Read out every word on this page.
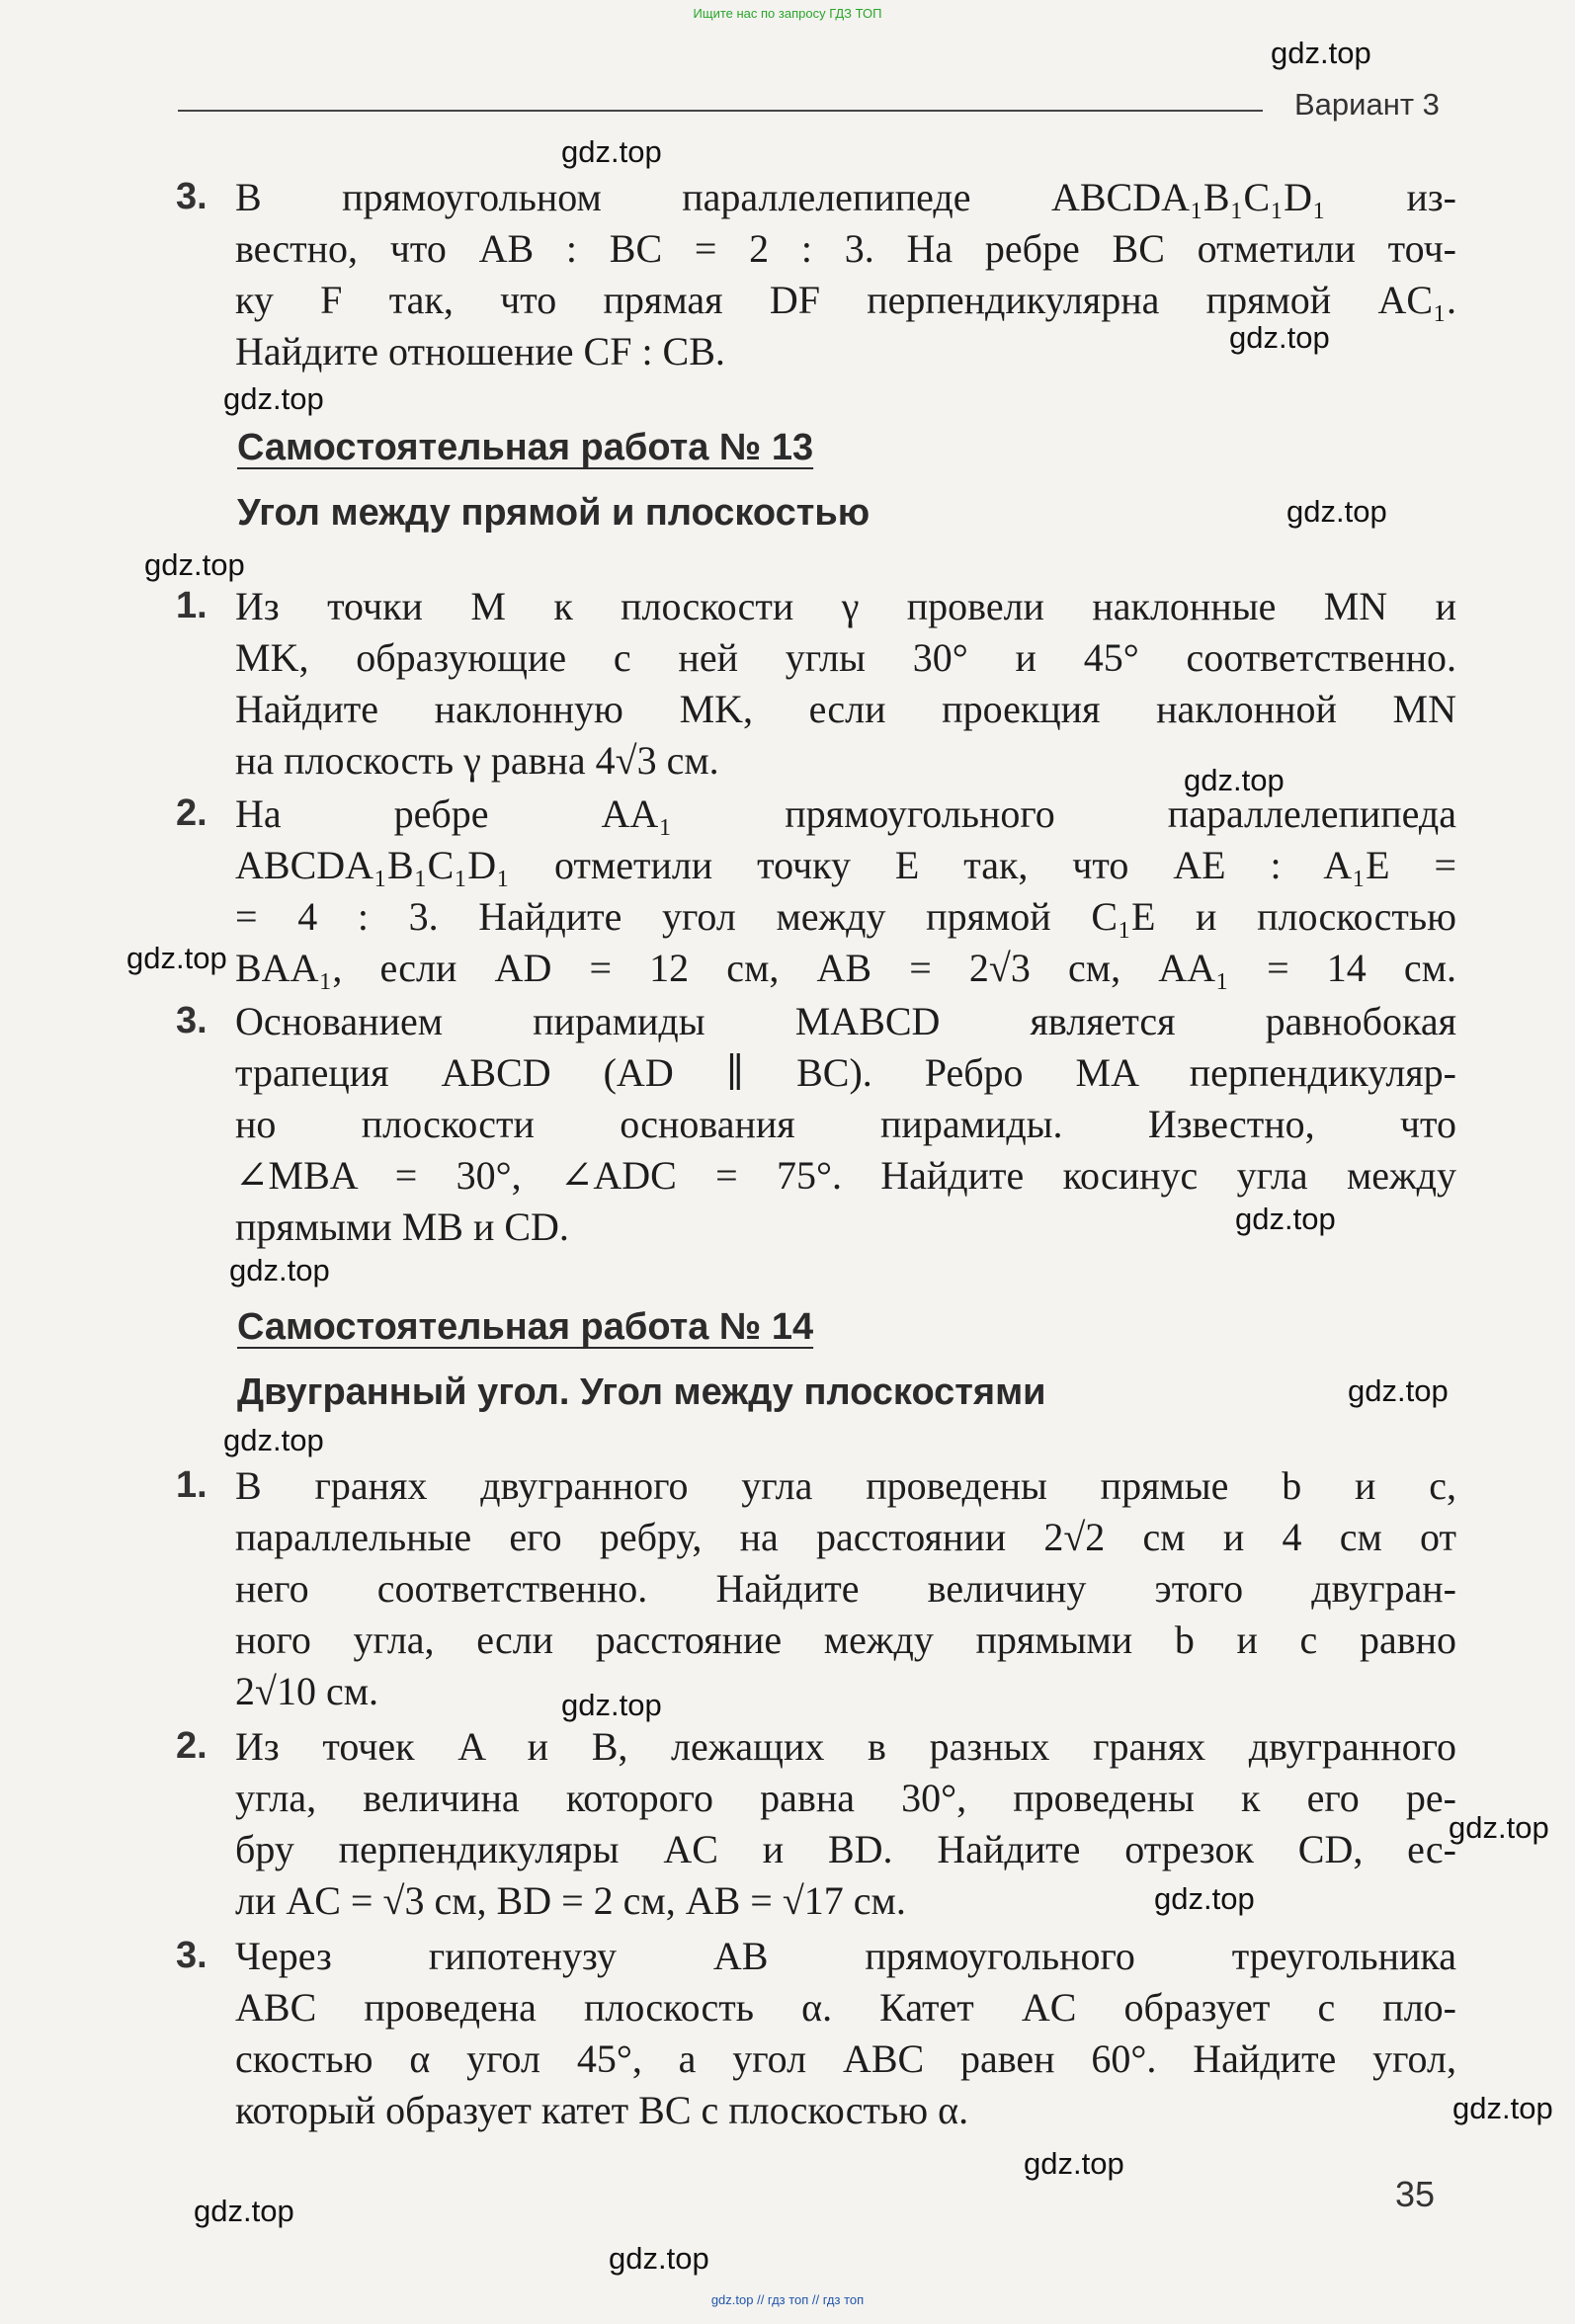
Ищите нас по запросу ГДЗ ТОП
gdz.top // гдз топ // гдз топ
Вариант 3
3. В прямоугольном параллелепипеде ABCDA₁B₁C₁D₁ из-
вестно, что AB : BC = 2 : 3. На ребре BC отметили точ-
ку F так, что прямая DF перпендикулярна прямой AC₁.
Найдите отношение CF : CB.
Самостоятельная работа № 13
Угол между прямой и плоскостью
1. Из точки M к плоскости γ провели наклонные MN и
MK, образующие с ней углы 30° и 45° соответственно.
Найдите наклонную MK, если проекция наклонной MN
на плоскость γ равна 4√3 см.
2. На ребре AA₁ прямоугольного параллелепипеда
ABCDA₁B₁C₁D₁ отметили точку E так, что AE : A₁E =
= 4 : 3. Найдите угол между прямой C₁E и плоскостью
BAA₁, если AD = 12 см, AB = 2√3 см, AA₁ = 14 см.
3. Основанием пирамиды MABCD является равнобокая
трапеция ABCD (AD ∥ BC). Ребро MA перпендикуляр-
но плоскости основания пирамиды. Известно, что
∠MBA = 30°, ∠ADC = 75°. Найдите косинус угла между
прямыми MB и CD.
Самостоятельная работа № 14
Двугранный угол. Угол между плоскостями
1. В гранях двугранного угла проведены прямые b и c,
параллельные его ребру, на расстоянии 2√2 см и 4 см от
него соответственно. Найдите величину этого двугран-
ного угла, если расстояние между прямыми b и c равно
2√10 см.
2. Из точек A и B, лежащих в разных гранях двугранного
угла, величина которого равна 30°, проведены к его ре-
бру перпендикуляры AC и BD. Найдите отрезок CD, ес-
ли AC = √3 см, BD = 2 см, AB = √17 см.
3. Через гипотенузу AB прямоугольного треугольника
ABC проведена плоскость α. Катет AC образует с пло-
скостью α угол 45°, а угол ABC равен 60°. Найдите угол,
который образует катет BC с плоскостью α.
35
gdz.top
gdz.top
gdz.top
gdz.top
gdz.top
gdz.top
gdz.top
gdz.top
gdz.top
gdz.top
gdz.top
gdz.top
gdz.top
gdz.top
gdz.top
gdz.top
gdz.top
gdz.top
gdz.top
